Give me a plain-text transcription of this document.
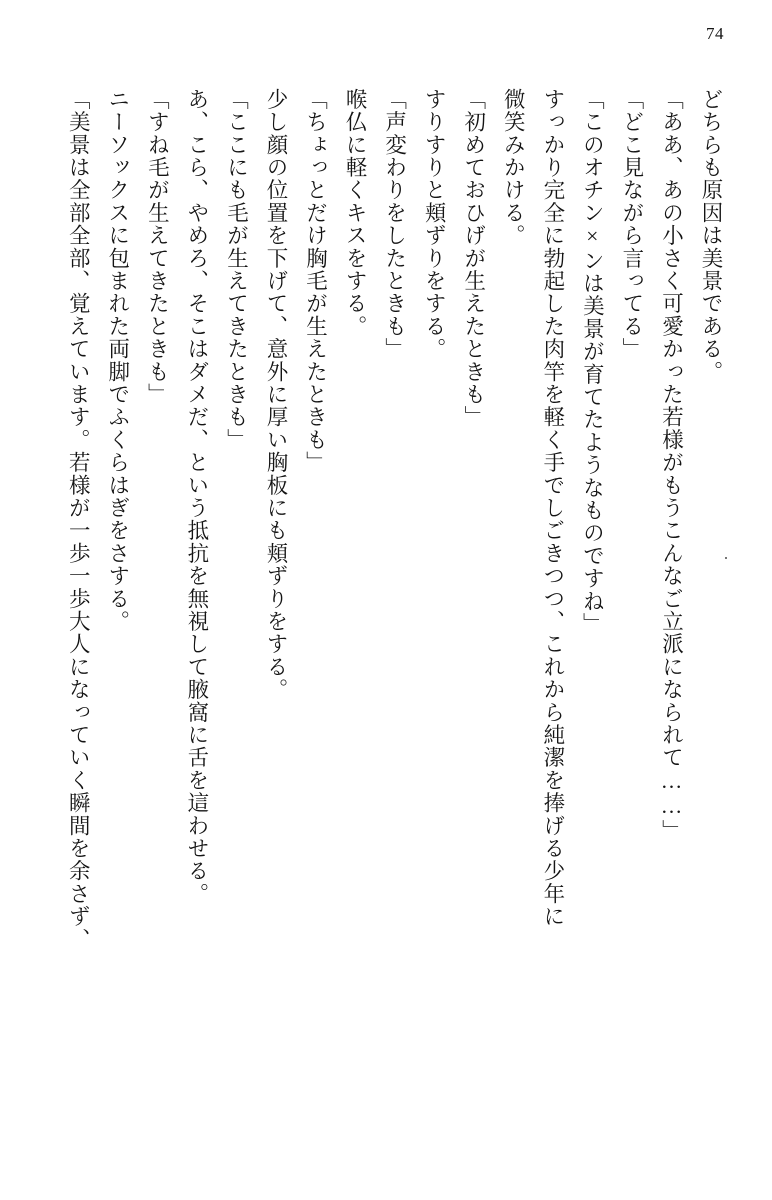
74

どちらも原因は美景である。

「ああ、あの小さく可愛かった若様がもうこんなご立派になられて……」

「どこ見ながら言ってる」

「このオチン×ンは美景が育てたようなものですね」

すっかり完全に勃起した肉竿を軽く手でしごきつつ、これから純潔を捧げる少年に

微笑みかける。

「初めておひげが生えたときも」

すりすりと頬ずりをする。

「声変わりをしたときも」

喉仏に軽くキスをする。

「ちょっとだけ胸毛が生えたときも」

少し顔の位置を下げて、意外に厚い胸板にも頬ずりをする。

「ここにも毛が生えてきたときも」

あ、こら、やめろ、そこはダメだ、という抵抗を無視して腋窩に舌を這わせる。

「すね毛が生えてきたときも」

ニーソックスに包まれた両脚でふくらはぎをさする。

「美景は全部全部、覚えています。若様が一歩一歩大人になっていく瞬間を余さず、
